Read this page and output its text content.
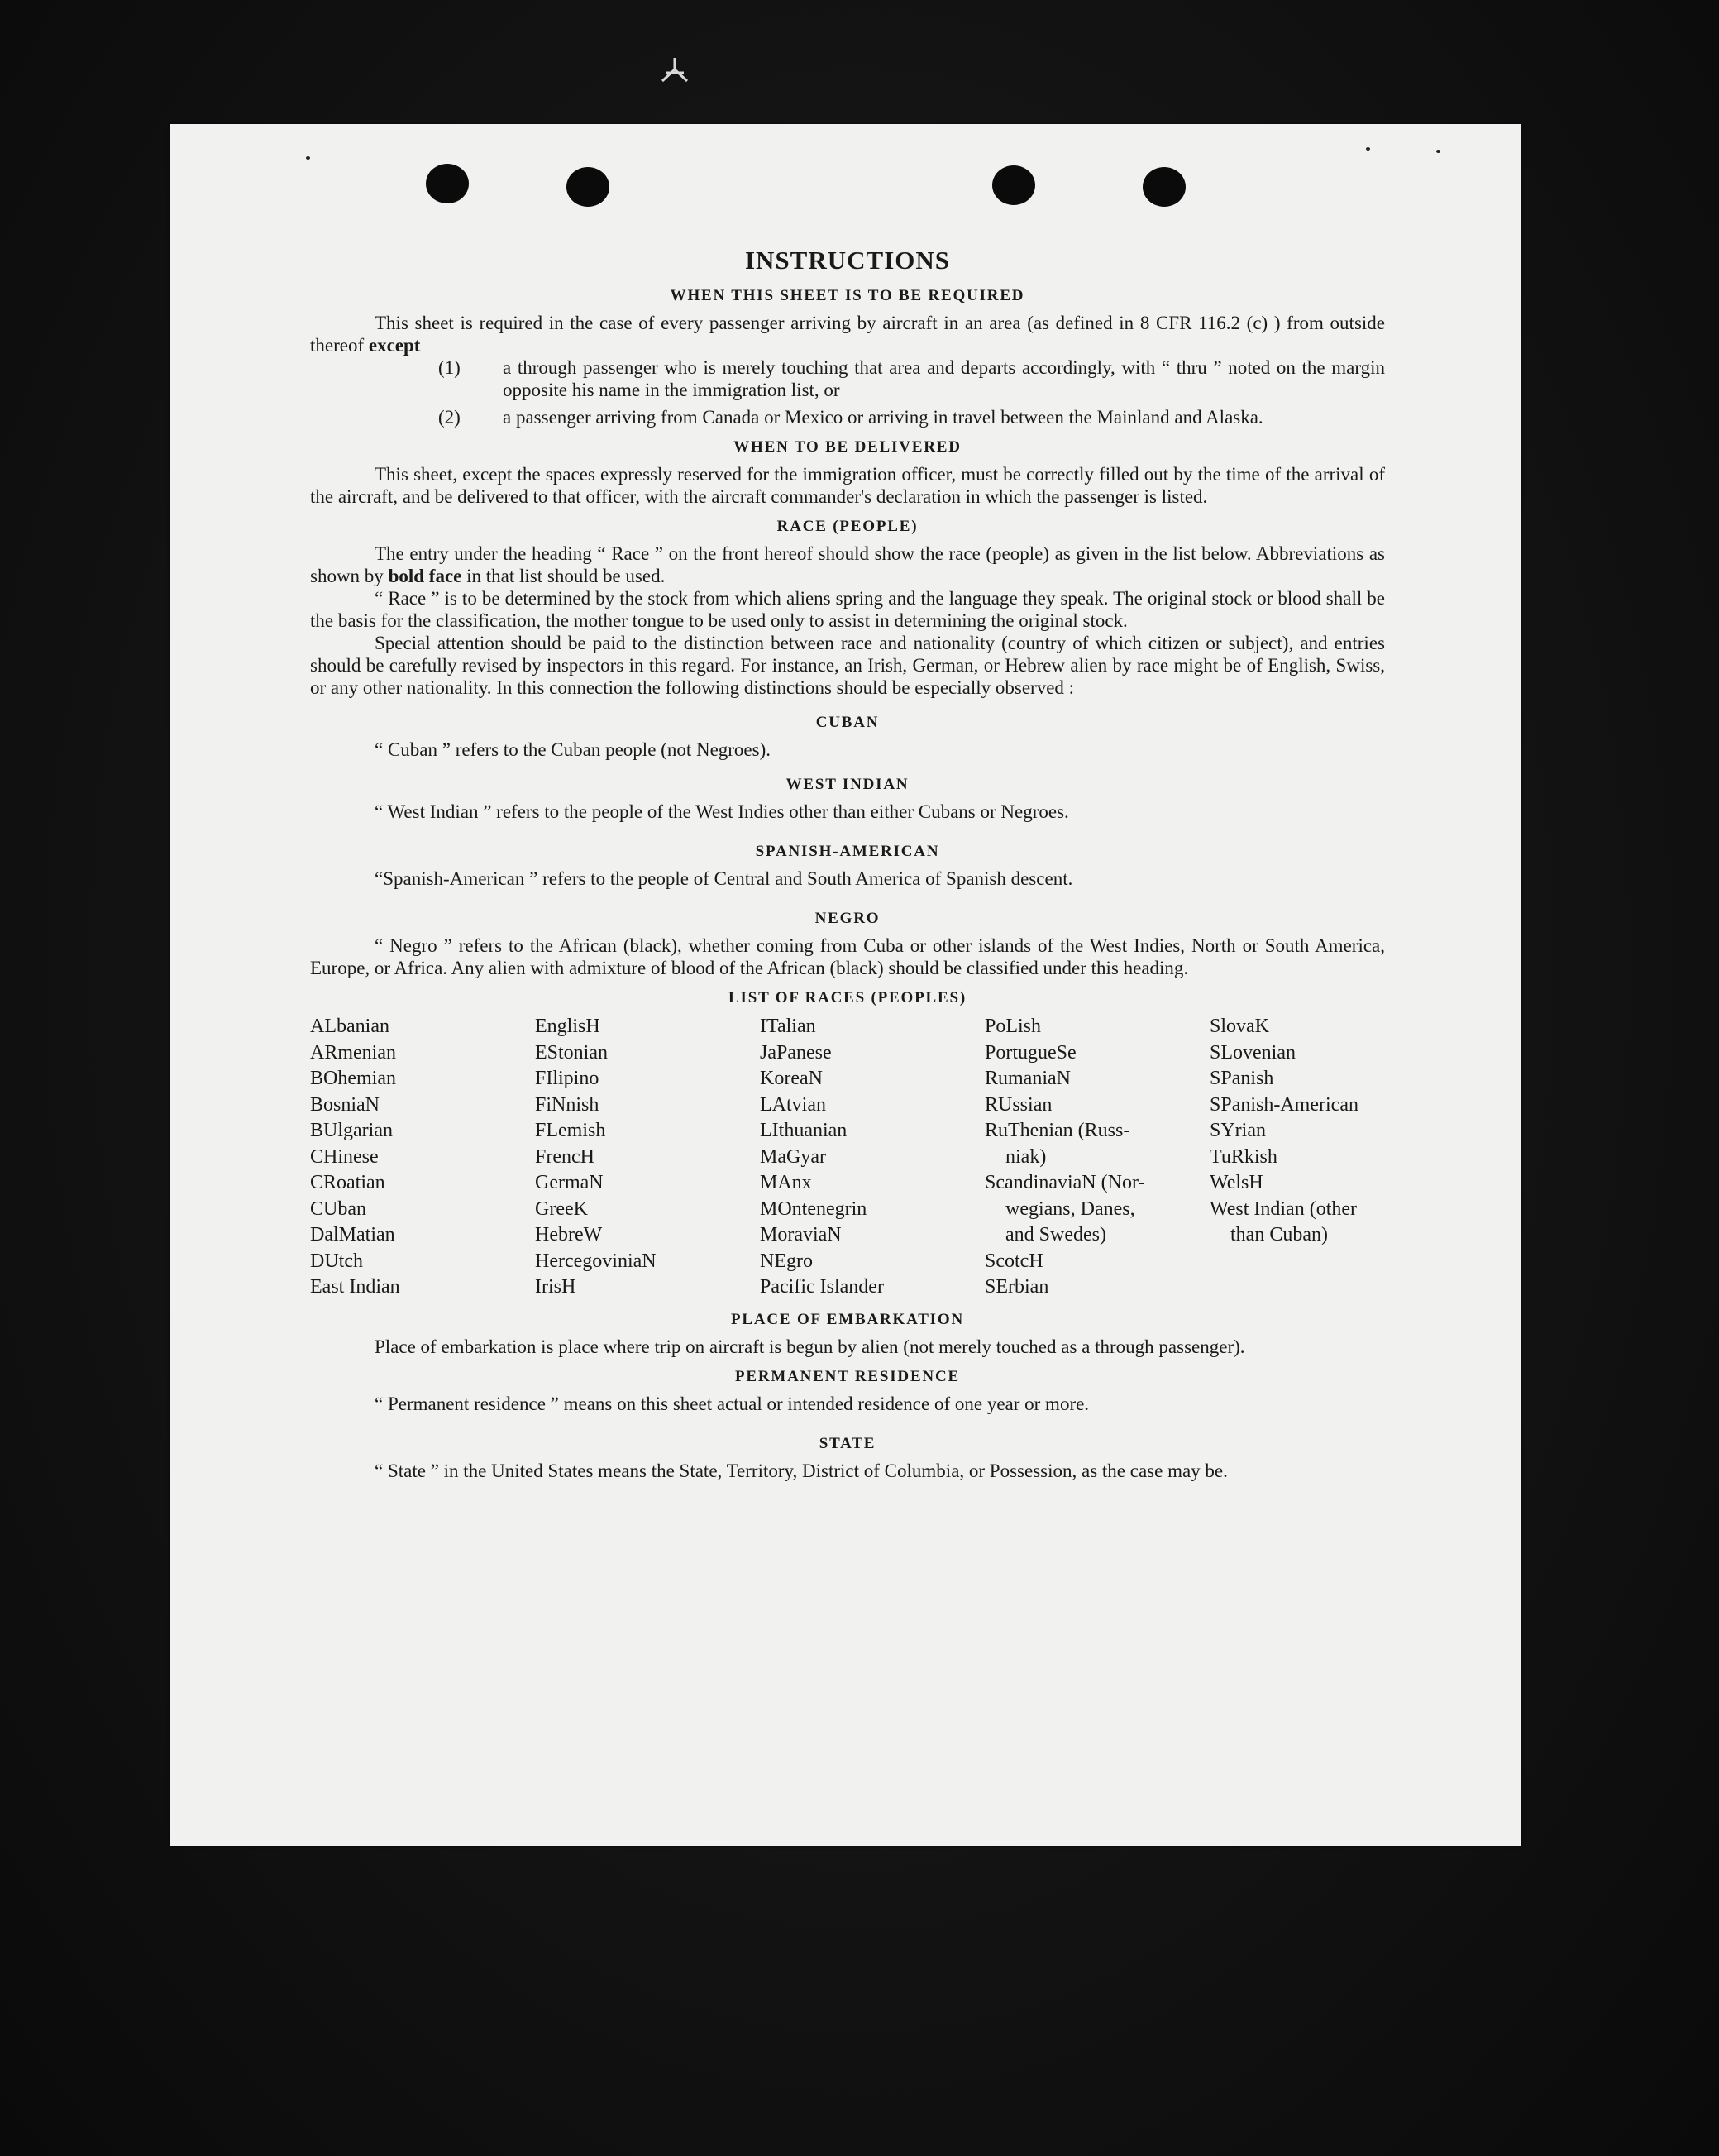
INSTRUCTIONS
WHEN THIS SHEET IS TO BE REQUIRED

This sheet is required in the case of every passenger arriving by aircraft in an area (as defined in 8 CFR 116.2 (c) ) from outside thereof except

(1) a through passenger who is merely touching that area and departs accordingly, with “ thru ” noted on the margin opposite his name in the immigration list, or
(2) a passenger arriving from Canada or Mexico or arriving in travel between the Mainland and Alaska.
WHEN TO BE DELIVERED

This sheet, except the spaces expressly reserved for the immigration officer, must be correctly filled out by the time of the arrival of the aircraft, and be delivered to that officer, with the aircraft commander's declaration in which the passenger is listed.

RACE (PEOPLE)

The entry under the heading “ Race ” on the front hereof should show the race (people) as given in the list below. Abbreviations as shown by bold face in that list should be used.

“ Race ” is to be determined by the stock from which aliens spring and the language they speak. The original stock or blood shall be the basis for the classification, the mother tongue to be used only to assist in determining the original stock.

Special attention should be paid to the distinction between race and nationality (country of which citizen or subject), and entries should be carefully revised by inspectors in this regard. For instance, an Irish, German, or Hebrew alien by race might be of English, Swiss, or any other nationality. In this connection the following distinctions should be especially observed :

CUBAN

“ Cuban ” refers to the Cuban people (not Negroes).

WEST INDIAN

“ West Indian ” refers to the people of the West Indies other than either Cubans or Negroes.

SPANISH-AMERICAN

“Spanish-American ” refers to the people of Central and South America of Spanish descent.

NEGRO

“ Negro ” refers to the African (black), whether coming from Cuba or other islands of the West Indies, North or South America, Europe, or Africa. Any alien with admixture of blood of the African (black) should be classified under this heading.

LIST OF RACES (PEOPLES)
ALbanian
ARmenian
BOhemian
BosniaN
BUlgarian
CHinese
CRoatian
CUban
DalMatian
DUtch
East Indian
EnglisH
EStonian
FIlipino
FiNnish
FLemish
FrencH
GermaN
GreeK
HebreW
HercegoviniaN
IrisH
ITalian
JaPanese
KoreaN
LAtvian
LIthuanian
MaGyar
MAnx
MOntenegrin
MoraviaN
NEgro
Pacific Islander
PoLish
PortugueSe
RumaniaN
RUssian
RuThenian (Russ-
niak)
ScandinaviaN (Nor-
wegians, Danes,
and Swedes)
ScotcH
SErbian
SlovaK
SLovenian
SPanish
SPanish-American
SYrian
TuRkish
WelsH
West Indian (other
than Cuban)
PLACE OF EMBARKATION

Place of embarkation is place where trip on aircraft is begun by alien (not merely touched as a through passenger).

PERMANENT RESIDENCE

“ Permanent residence ” means on this sheet actual or intended residence of one year or more.

STATE

“ State ” in the United States means the State, Territory, District of Columbia, or Possession, as the case may be.
